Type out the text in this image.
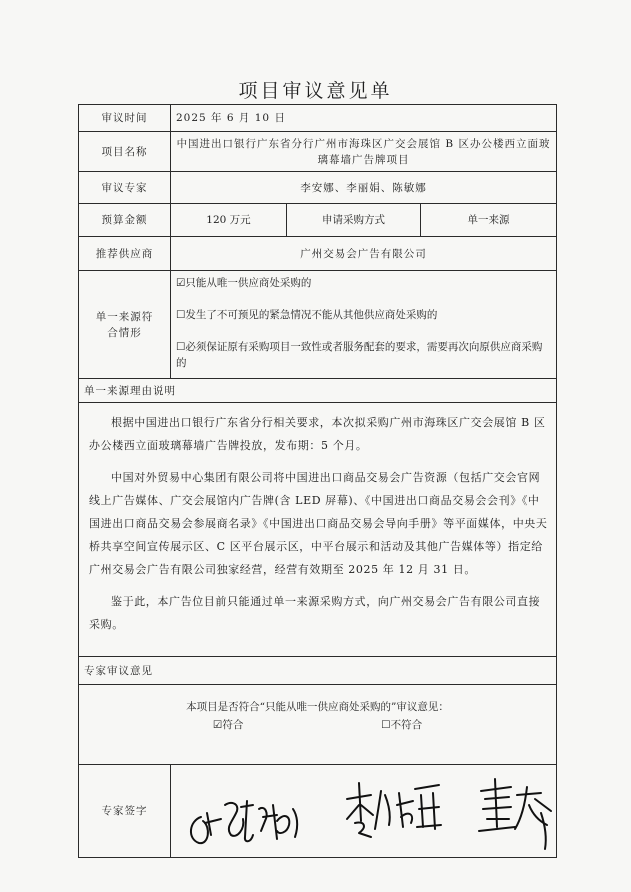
项目审议意见单
审议时间	2025 年 6 月 10 日		
项目名称	中国进出口银行广东省分行广州市海珠区广交会展馆 B 区办公楼西立面玻璃幕墙广告牌项目		
审议专家	李安娜、李丽娟、陈敏娜		
预算金额	120 万元	申请采购方式	单一来源
推荐供应商	广州交易会广告有限公司		
单一来源符合情形	☑只能从唯一供应商处采购的
☐发生了不可预见的紧急情况不能从其他供应商处采购的
☐必须保证原有采购项目一致性或者服务配套的要求，需要再次向原供应商采购的		

单一来源理由说明			

根据中国进出口银行广东省分行相关要求，本次拟采购广州市海珠区广交会展馆 B 区办公楼西立面玻璃幕墙广告牌投放，发布期：5 个月。

中国对外贸易中心集团有限公司将中国进出口商品交易会广告资源（包括广交会官网线上广告媒体、广交会展馆内广告牌(含 LED 屏幕)、《中国进出口商品交易会会刊》《中国进出口商品交易会参展商名录》《中国进出口商品交易会导向手册》等平面媒体，中央天桥共享空间宣传展示区、C 区平台展示区，中平台展示和活动及其他广告媒体等）指定给广州交易会广告有限公司独家经营，经营有效期至 2025 年 12 月 31 日。

鉴于此，本广告位目前只能通过单一来源采购方式，向广州交易会广告有限公司直接采购。			

专家审议意见			

本项目是否符合“只能从唯一供应商处采购的”审议意见：
☑符合 ☐不符合			

专家签字	
